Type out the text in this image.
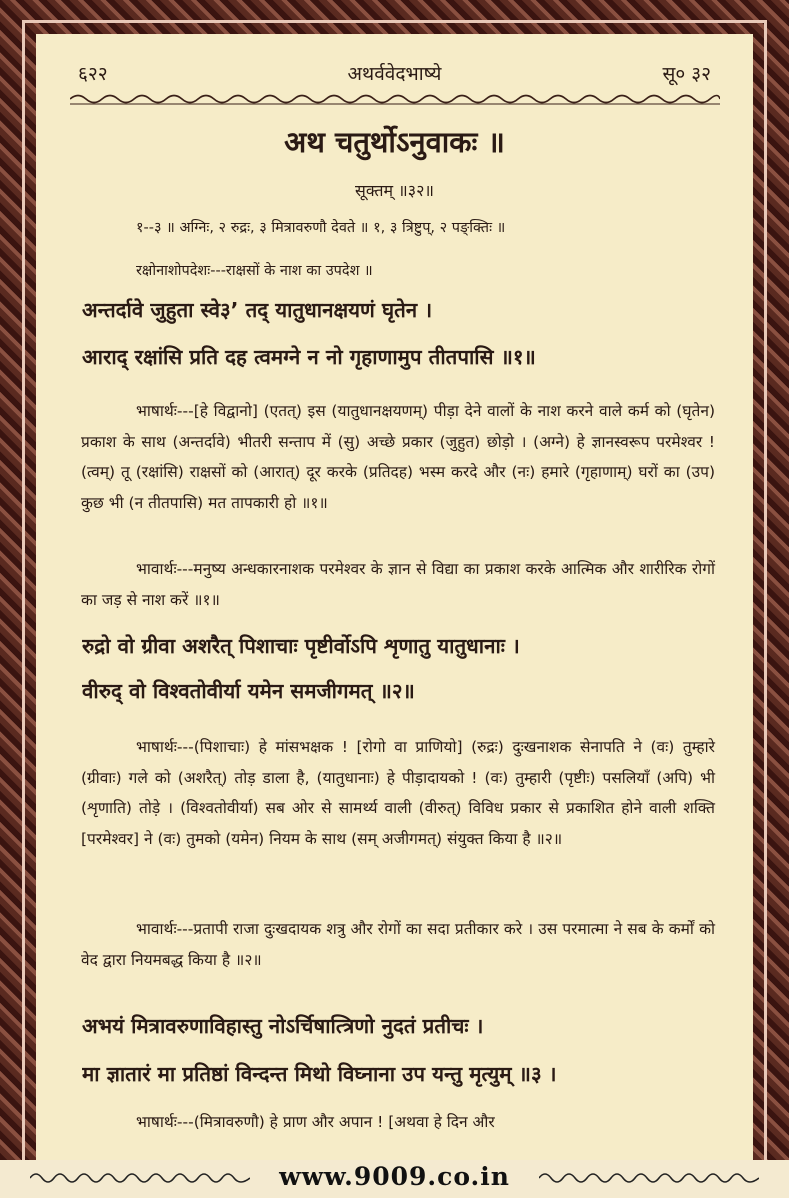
६२२	अथर्ववेदभाष्ये	सू० ३२
अथ चतुर्थोऽनुवाकः ॥
सूक्तम् ॥३२॥
१--३ ॥ अग्निः, २ रुद्रः, ३ मित्रावरुणौ देवते ॥ १, ३ त्रिष्टुप्, २ पङ्क्तिः ॥
रक्षोनाशोपदेशः---राक्षसों के नाश का उपदेश ॥
अन्तर्दावे जुहुता स्वे३’ तद् यातुधानक्षयणं घृतेन ।
आराद् रक्षांसि प्रति दह त्वमग्ने न नो गृहाणामुप तीतपासि ॥१॥

भाषार्थः---[हे विद्वानो] (एतत्) इस (यातुधानक्षयणम्) पीड़ा देने वालों के नाश करने वाले कर्म को (घृतेन) प्रकाश के साथ (अन्तर्दावे) भीतरी सन्ताप में (सु) अच्छे प्रकार (जुहुत) छोड़ो । (अग्ने) हे ज्ञानस्वरूप परमेश्वर ! (त्वम्) तू (रक्षांसि) राक्षसों को (आरात्) दूर करके (प्रतिदह) भस्म करदे और (नः) हमारे (गृहाणाम्) घरों का (उप) कुछ भी (न तीतपासि) मत तापकारी हो ॥१॥

भावार्थः---मनुष्य अन्धकारनाशक परमेश्वर के ज्ञान से विद्या का प्रकाश करके आत्मिक और शारीरिक रोगों का जड़ से नाश करें ॥१॥

रुद्रो वो ग्रीवा अशरैत् पिशाचाः पृष्टीर्वोऽपि शृणातु यातुधानाः ।
वीरुद् वो विश्वतोवीर्या यमेन समजीगमत् ॥२॥

भाषार्थः---(पिशाचाः) हे मांसभक्षक ! [रोगो वा प्राणियो] (रुद्रः) दुःखनाशक सेनापति ने (वः) तुम्हारे (ग्रीवाः) गले को (अशरैत्) तोड़ डाला है, (यातुधानाः) हे पीड़ादायको ! (वः) तुम्हारी (पृष्टीः) पसलियाँ (अपि) भी (शृणाति) तोड़े । (विश्वतोवीर्या) सब ओर से सामर्थ्य वाली (वीरुत्) विविध प्रकार से प्रकाशित होने वाली शक्ति [परमेश्वर] ने (वः) तुमको (यमेन) नियम के साथ (सम् अजीगमत्) संयुक्त किया है ॥२॥

भावार्थः---प्रतापी राजा दुःखदायक शत्रु और रोगों का सदा प्रतीकार करे । उस परमात्मा ने सब के कर्मों को वेद द्वारा नियमबद्ध किया है ॥२॥

अभयं मित्रावरुणाविहास्तु नोऽर्चिषात्त्रिणो नुदतं प्रतीचः ।
मा ज्ञातारं मा प्रतिष्ठां विन्दन्त मिथो विघ्नाना उप यन्तु मृत्युम् ॥३ ।
भाषार्थः---(मित्रावरुणौ) हे प्राण और अपान ! [अथवा हे दिन और
www.9009.co.in
